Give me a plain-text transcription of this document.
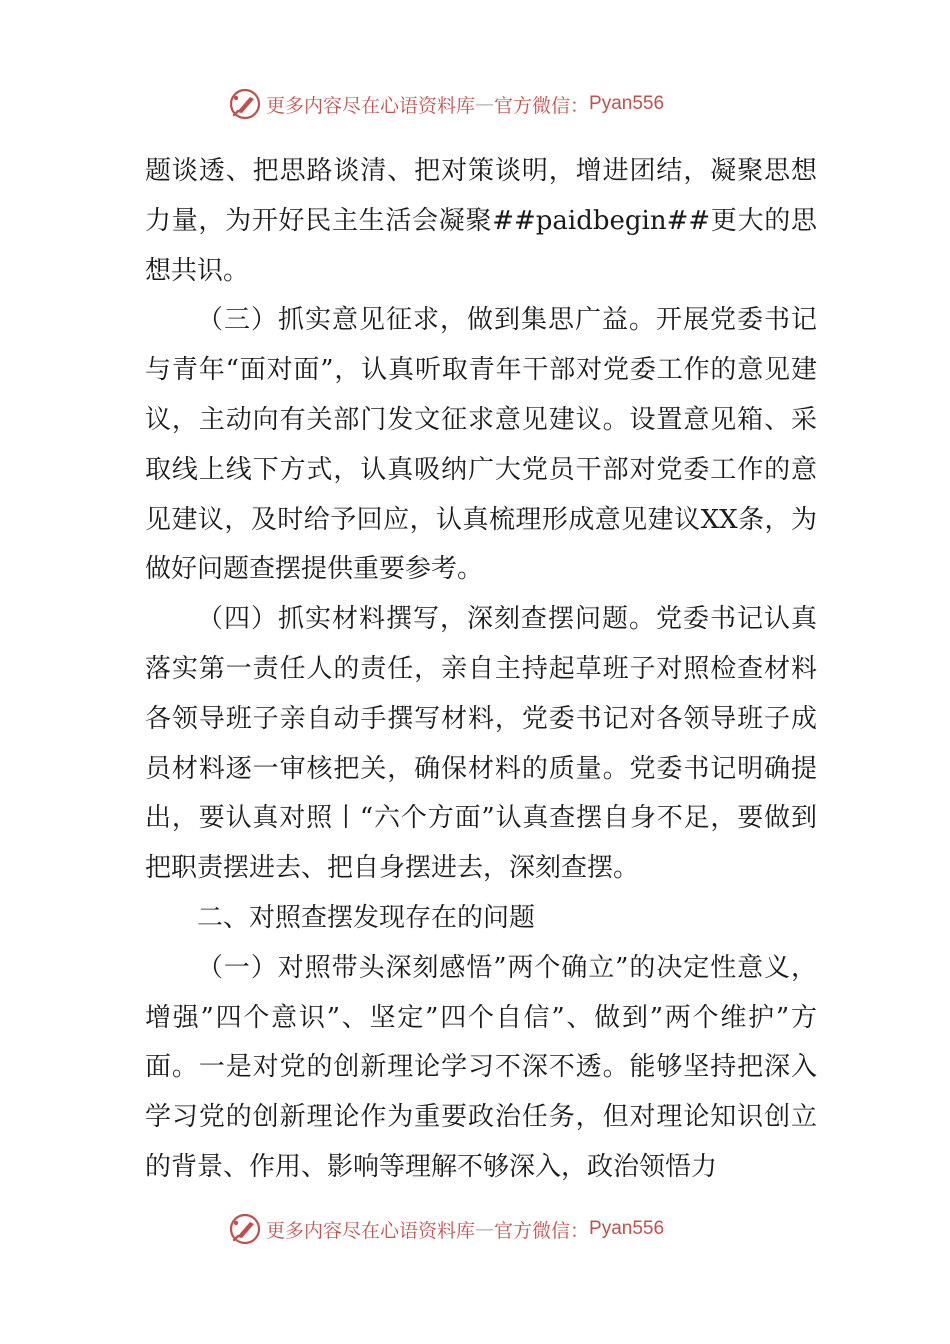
更多内容尽在心语资料库 — 官方微信： Pyan556

题谈透、把思路谈清、把对策谈明，增进团结，凝聚思想力量，为开好民主生活会凝聚##paidbegin##更大的思想共识。

（三）抓实意见征求，做到集思广益。开展党委书记与青年“面对面”，认真听取青年干部对党委工作的意见建议，主动向有关部门发文征求意见建议。设置意见箱、采取线上线下方式，认真吸纳广大党员干部对党委工作的意见建议，及时给予回应，认真梳理形成意见建议XX条，为做好问题查摆提供重要参考。

（四）抓实材料撰写，深刻查摆问题。党委书记认真落实第一责任人的责任，亲自主持起草班子对照检查材料各领导班子亲自动手撰写材料，党委书记对各领导班子成员材料逐一审核把关，确保材料的质量。党委书记明确提出，要认真对照丨“六个方面”认真查摆自身不足，要做到把职责摆进去、把自身摆进去，深刻查摆。

二、对照查摆发现存在的问题

（一）对照带头深刻感悟”两个确立”的决定性意义，增强”四个意识”、坚定”四个自信”、做到”两个维护”方面。一是对党的创新理论学习不深不透。能够坚持把深入学习党的创新理论作为重要政治任务，但对理论知识创立的背景、作用、影响等理解不够深入，政治领悟力

更多内容尽在心语资料库 — 官方微信： Pyan556
